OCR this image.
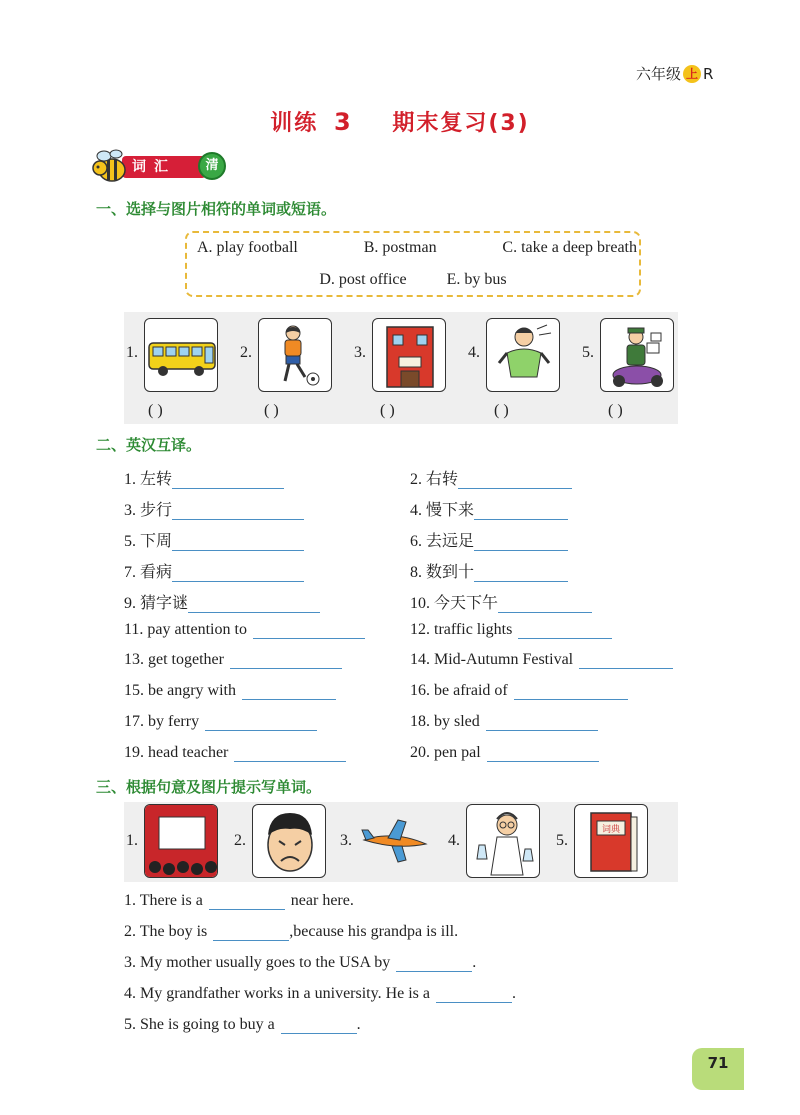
六年级 上 R
训练 3 期末复习(3)
词汇	清
一、选择与图片相符的单词或短语。
A. play football	B. postman	C. take a deep breath
D. post office	E. by bus
1.	2.	3.	4.	5.
( )	( )	( )	( )	( )
二、英汉互译。
1. 左转	2. 右转
3. 步行	4. 慢下来
5. 下周	6. 去远足
7. 看病	8. 数到十
9. 猜字谜	10. 今天下午
11. pay attention to	12. traffic lights
13. get together	14. Mid-Autumn Festival
15. be angry with	16. be afraid of
17. by ferry	18. by sled
19. head teacher	20. pen pal
三、根据句意及图片提示写单词。
1.	2.	3.	4.	5.
词典
1. There is a	near here.
2. The boy is	,because his grandpa is ill.
3. My mother usually goes to the USA by	.
4. My grandfather works in a university. He is a	.
5. She is going to buy a	.
71
